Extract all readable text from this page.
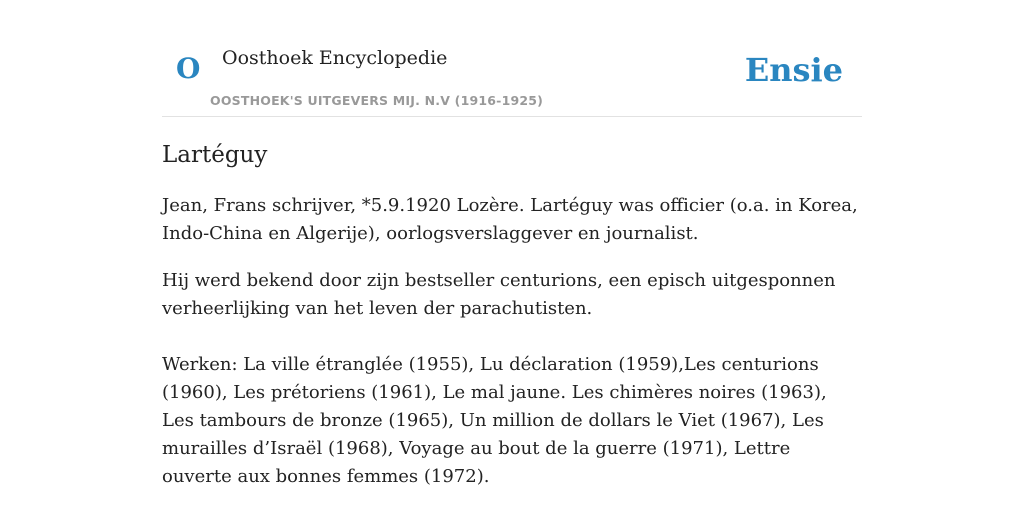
O Oosthoek Encyclopedie
OOSTHOEK'S UITGEVERS MIJ. N.V (1916-1925)
Ensie
Lartéguy

Jean, Frans schrijver, *5.9.1920 Lozère. Lartéguy was officier (o.a. in Korea, Indo-China en Algerije), oorlogsverslaggever en journalist.

Hij werd bekend door zijn bestseller centurions, een episch uitgesponnen verheerlijking van het leven der parachutisten.

Werken: La ville étranglée (1955), Lu déclaration (1959),Les centurions (1960), Les prétoriens (1961), Le mal jaune. Les chimères noires (1963), Les tambours de bronze (1965), Un million de dollars le Viet (1967), Les murailles d’Israël (1968), Voyage au bout de la guerre (1971), Lettre ouverte aux bonnes femmes (1972).
